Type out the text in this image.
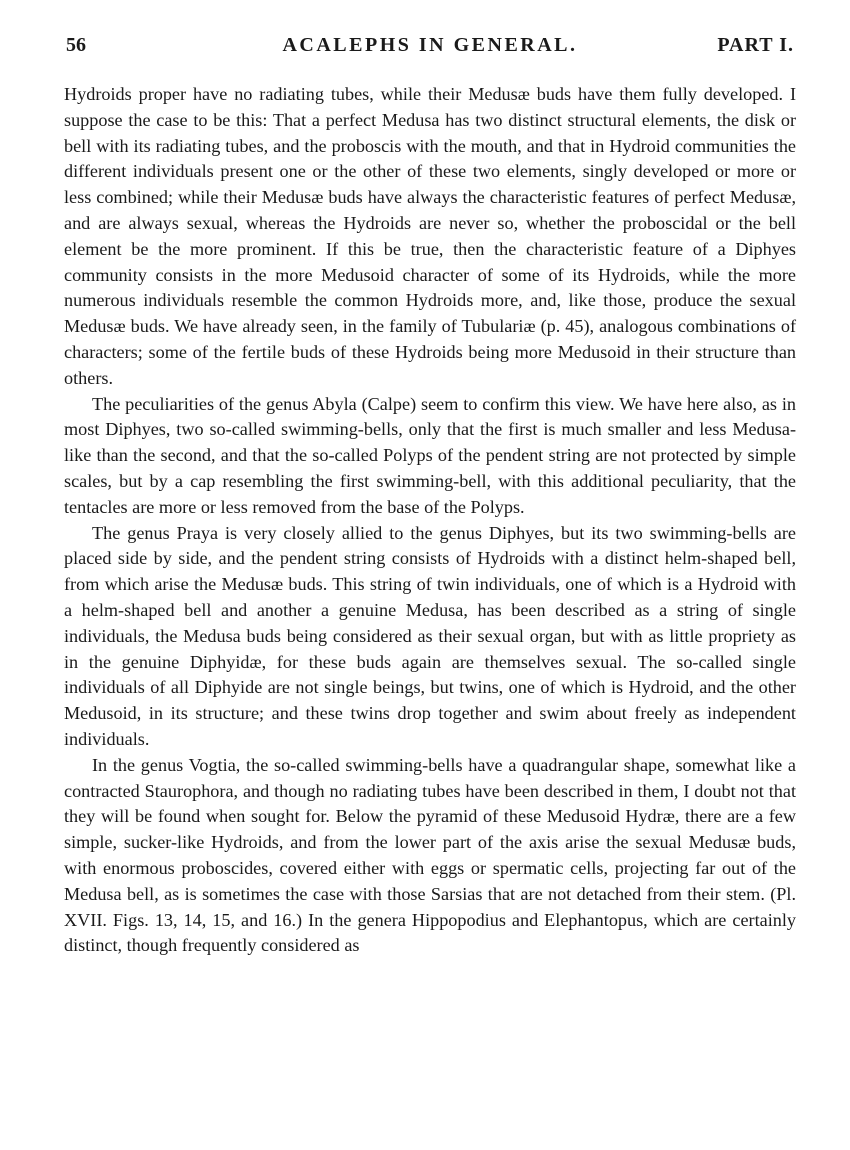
56	ACALEPHS IN GENERAL.	PART I.

Hydroids proper have no radiating tubes, while their Medusæ buds have them fully developed. I suppose the case to be this: That a perfect Medusa has two distinct structural elements, the disk or bell with its radiating tubes, and the proboscis with the mouth, and that in Hydroid communities the different individuals present one or the other of these two elements, singly developed or more or less combined; while their Medusæ buds have always the characteristic features of perfect Medusæ, and are always sexual, whereas the Hydroids are never so, whether the proboscidal or the bell element be the more prominent. If this be true, then the characteristic feature of a Diphyes community consists in the more Medusoid character of some of its Hydroids, while the more numerous individuals resemble the common Hydroids more, and, like those, produce the sexual Medusæ buds. We have already seen, in the family of Tubulariæ (p. 45), analogous combinations of characters; some of the fertile buds of these Hydroids being more Medusoid in their structure than others.

The peculiarities of the genus Abyla (Calpe) seem to confirm this view. We have here also, as in most Diphyes, two so-called swimming-bells, only that the first is much smaller and less Medusa-like than the second, and that the so-called Polyps of the pendent string are not protected by simple scales, but by a cap resembling the first swimming-bell, with this additional peculiarity, that the tentacles are more or less removed from the base of the Polyps.

The genus Praya is very closely allied to the genus Diphyes, but its two swimming-bells are placed side by side, and the pendent string consists of Hydroids with a distinct helm-shaped bell, from which arise the Medusæ buds. This string of twin individuals, one of which is a Hydroid with a helm-shaped bell and another a genuine Medusa, has been described as a string of single individuals, the Medusa buds being considered as their sexual organ, but with as little propriety as in the genuine Diphyidæ, for these buds again are themselves sexual. The so-called single individuals of all Diphyide are not single beings, but twins, one of which is Hydroid, and the other Medusoid, in its structure; and these twins drop together and swim about freely as independent individuals.

In the genus Vogtia, the so-called swimming-bells have a quadrangular shape, somewhat like a contracted Staurophora, and though no radiating tubes have been described in them, I doubt not that they will be found when sought for. Below the pyramid of these Medusoid Hydræ, there are a few simple, sucker-like Hydroids, and from the lower part of the axis arise the sexual Medusæ buds, with enormous proboscides, covered either with eggs or spermatic cells, projecting far out of the Medusa bell, as is sometimes the case with those Sarsias that are not detached from their stem. (Pl. XVII. Figs. 13, 14, 15, and 16.) In the genera Hippopodius and Elephantopus, which are certainly distinct, though frequently considered as
